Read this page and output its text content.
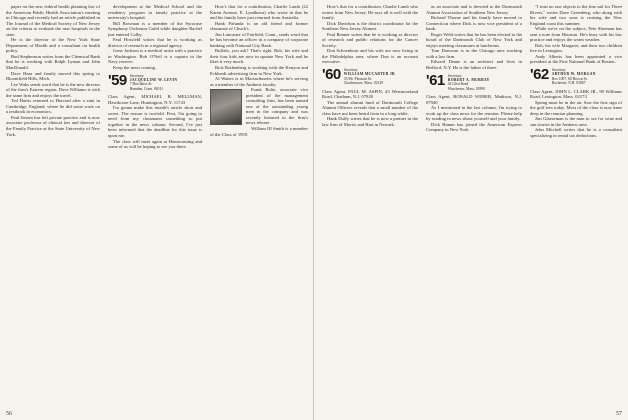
paper on the new federal health planning law of the American Public Health Association's meeting in Chicago and recently had an article published in The Journal of the Medical Society of New Jersey on the criteria to evaluate the new hospitals in the state.

He is the director of the New York State Department of Health and a consultant on health policy.

Bud Stephenson writes from the Chemical Bank that he is working with Ralph Lyman and John MacDonald.

Dave Haas and family moved this spring to Bloomfield Hills, Mich.

Lee Waks sends word that he is the new director of the firm's Eastern region. Dave Williams is with the same firm and enjoys the travel.

Ted Harris returned to Harvard after a stint in Cambridge, England, where he did some work on a textbook in economics.

Paul Jensen has left private practice and is now associate professor of clinical law and director of the Family Practice at the State University of New York.

development at the Medical School and the residency program in family practice at the university's hospital.

Bill Bowman is a member of the Syracuse Symphony Orchestra Guild while daughter Rachel just entered Colby.

Paul Hossfeld writes that he is working as director of research in a regional agency.

Gene Jackson is a medical artist with a practice in Washington. Bob O'Neil is a captain in the Navy reserve.

Keep the news coming.

'59 Secretary
JACQUELINE W. LEVIN
7 Hotchkiss St.
Hamden, Conn. 06511

Class Agent, MICHAEL R. MELLMAN, Hawthorne Lane, Huntington, N.Y. 11743

I'm gonna make this month's article short and sweet. The reason is twofold. First, I'm going to need from my classmates something to put together in the news column. Second, I've just been informed that the deadline for this issue is upon me.

The class will meet again at Homecoming and some of us will be hoping to see you there.

How's that for a contribution, Charlie Lamb (22 Karen Avenue, E. Lyndhurst) who wrote in that he and his family have just returned from Australia.

Hank Pafunda is an old friend and former classmate of Chuck's.

Jim Lancaster of Fairfield, Conn., sends word that he has become an officer in a company of corporate banking with National City Bank.

Buffalo, you ask? That's right. Bob, his wife and their four kids are now in upstate New York and he likes it very much.

Rick Rothenberg is working with the Kenyon and Eckhardt advertising firm in New York.

Al Waters is in Massachusetts where he's serving as a member of the Amherst faculty.

Frank Bolte, associate vice president of the management consulting firm, has been named one of the outstanding young men in the company and was recently featured in the firm's news release.

William III Smith is a member of the Class of 1959.

56

How's that for a contribution, Charlie Lamb who writes from New Jersey. He says all is well with the family.

Dick Davidson is the district coordinator for the Southern New Jersey Alumni.

Paul Renner writes that he is working as director of research and public relations for the Cancer Society.

Don Schoenborn and his wife are now living in the Philadelphia area, where Don is an account executive.

'60 Secretary
WILLIAM MCCARTER JR
35 Mt. Pleasant St.
Charlestown, Mass. 02129

Class Agent, PAUL M. ASPIN, 43 Westmoreland Road, Chatham, N.J. 07928

The annual alumni fund of Dartmouth College Alumni Officers reveals that a small number of the class have not been heard from in a long while.

Hank Duffy writes that he is now a partner in the law firm of Morris and Hart in Newark.

as an associate and is devoted to the Dartmouth Alumni Association of Southern New Jersey.

Richard Thorne and his family have moved to Connecticut where Dick is now vice president of a bank.

Roger Weld writes that he has been elected to the board of the Dartmouth Club of New York and enjoys meeting classmates at luncheons.

Tom Donovan is in the Chicago area working with a law firm.

Edward Deane is an architect and lives in Bedford, N.Y. He is the father of three.

'61 Secretary
ROBERT A. MURRAY
34 Glen Road
Winchester, Mass. 01890

Class Agent, RONALD WEBER, Madison, N.J. 07940

As I mentioned in the last column, I'm trying to work up the class news for the reunion. Please help by sending in news about yourself and your family.

Dick Hamm has joined the American Express Company in New York.

"I trust no one objects to the fine sail for Three Rivers," writes Dave Greenberg, who along with his wife and two sons is cruising the New England coast this summer.

While we're on the subject, Pete Sherman has sent a note from Houston. He's busy with his law practice and enjoys the warm weather.

Bob, his wife Margaret, and their two children live in Lexington.

Andy Alberts has been appointed a vice president at the First National Bank of Boston.

'62 Secretary
ARTHUR W. MORGAN
Box 1007, 60 Brown St.
Rochester, N.H. 03867

Class Agent, JOHN L. CLARK JR., 90 Williams Road, Lexington, Mass. 02173

Spring must be in the air. Saw the first sign of the golf tees today. Most of the class is now knee deep in the reunion planning.

Jim Glaeseman is the man to see for wine and sun stories in the Amherst area.

John Mitchell writes that he is a consultant specializing in rental tax deductions.

57
